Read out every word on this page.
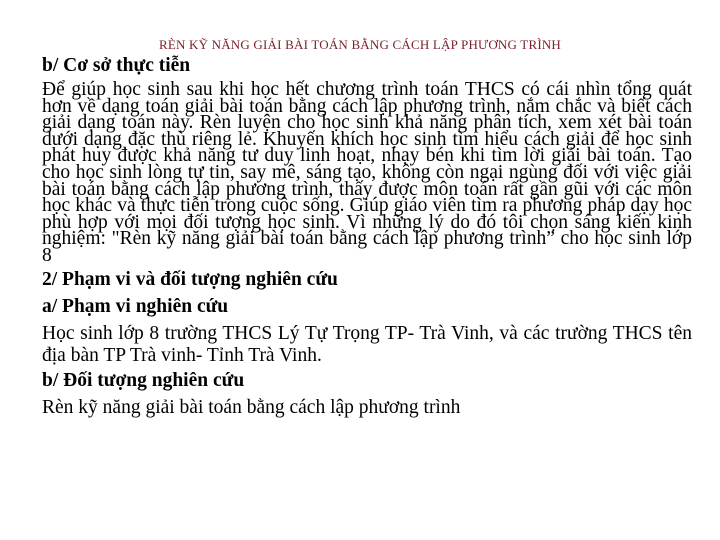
RÈN KỸ NĂNG GIẢI BÀI TOÁN BẰNG CÁCH LẬP PHƯƠNG TRÌNH

b/ Cơ sở thực tiễn

Để giúp học sinh sau khi học hết chương trình toán THCS có cái nhìn tổng quát hơn về dạng toán giải bài toán bằng cách lập phương trình, nắm chắc và biết cách giải dạng toán này. Rèn luyện cho học sinh khả năng phân tích, xem xét bài toán dưới dạng đặc thù riêng lẻ. Khuyến khích học sinh tìm hiểu cách giải để học sinh phát huy được khả năng tư duy linh hoạt, nhạy bén khi tìm lời giải bài toán. Tạo cho học sinh lòng tự tin, say mê, sáng tạo, không còn ngại ngùng đối với việc giải bài toán bằng cách lập phương trình, thấy được môn toán rất gần gũi với các môn học khác và thực tiễn trong cuộc sống. Giúp giáo viên tìm ra phương pháp dạy học phù hợp với mọi đối tượng học sinh. Vì những lý do đó tôi chọn sáng kiến kinh nghiệm: "Rèn kỹ năng giải bài toán bằng cách lập phương trình” cho học sinh lớp 8

2/ Phạm vi và đối tượng nghiên cứu

a/ Phạm vi nghiên cứu

Học sinh lớp 8 trường THCS Lý Tự Trọng TP- Trà Vinh, và các trường THCS tên địa bàn TP Trà vinh- Tỉnh Trà Vinh.

b/ Đối tượng nghiên cứu

Rèn kỹ năng giải bài toán bằng cách lập phương trình
